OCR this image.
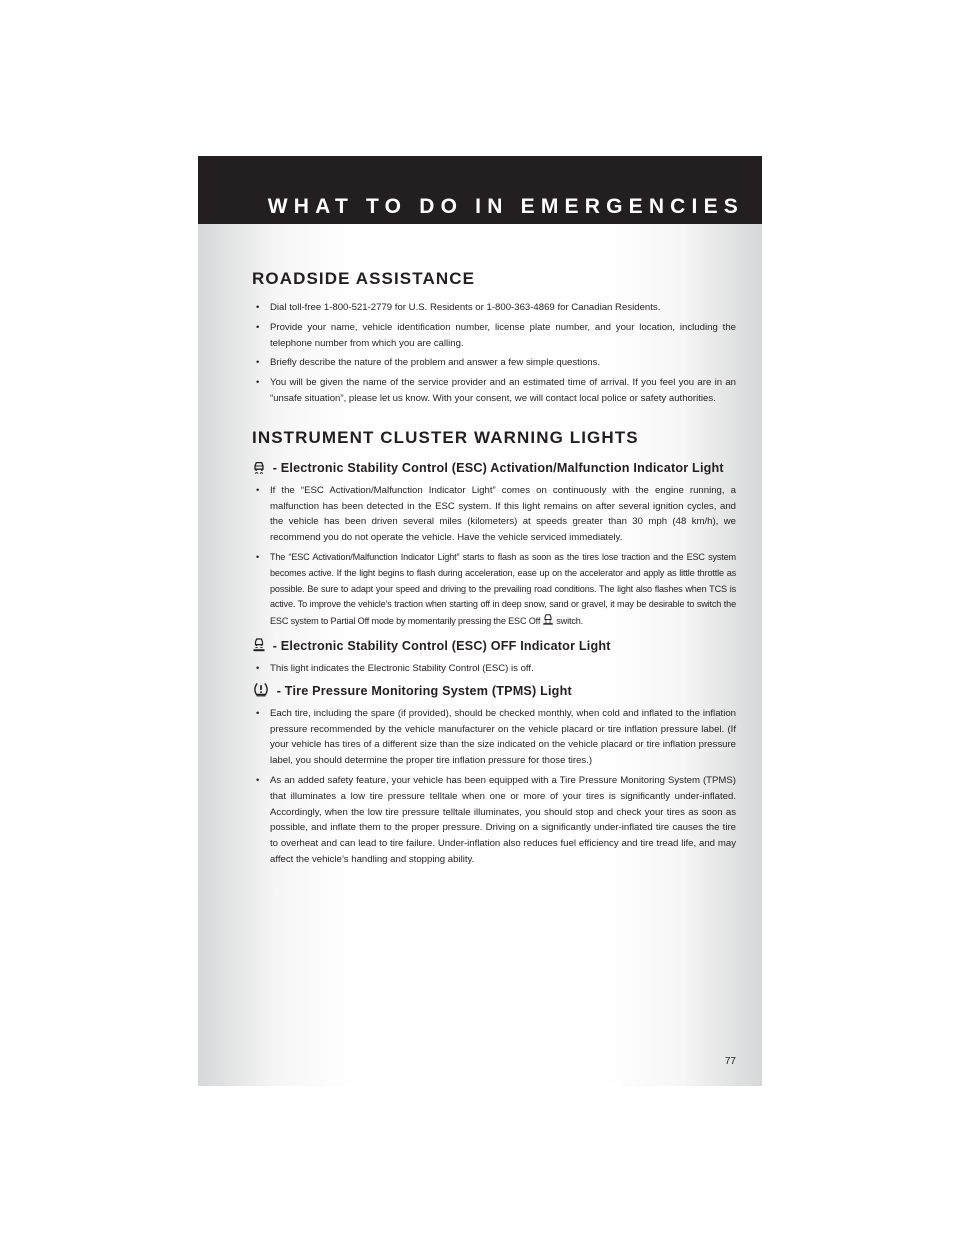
WHAT TO DO IN EMERGENCIES
ROADSIDE ASSISTANCE
• Dial toll-free 1-800-521-2779 for U.S. Residents or 1-800-363-4869 for Canadian Residents.
• Provide your name, vehicle identification number, license plate number, and your location, including the telephone number from which you are calling.
• Briefly describe the nature of the problem and answer a few simple questions.
• You will be given the name of the service provider and an estimated time of arrival. If you feel you are in an “unsafe situation”, please let us know. With your consent, we will contact local police or safety authorities.
INSTRUMENT CLUSTER WARNING LIGHTS
- Electronic Stability Control (ESC) Activation/Malfunction Indicator Light
• If the “ESC Activation/Malfunction Indicator Light” comes on continuously with the engine running, a malfunction has been detected in the ESC system. If this light remains on after several ignition cycles, and the vehicle has been driven several miles (kilometers) at speeds greater than 30 mph (48 km/h), we recommend you do not operate the vehicle. Have the vehicle serviced immediately.
• The “ESC Activation/Malfunction Indicator Light” starts to flash as soon as the tires lose traction and the ESC system becomes active. If the light begins to flash during acceleration, ease up on the accelerator and apply as little throttle as possible. Be sure to adapt your speed and driving to the prevailing road conditions. The light also flashes when TCS is active. To improve the vehicle’s traction when starting off in deep snow, sand or gravel, it may be desirable to switch the ESC system to Partial Off mode by momentarily pressing the ESC Off switch.
- Electronic Stability Control (ESC) OFF Indicator Light
• This light indicates the Electronic Stability Control (ESC) is off.
- Tire Pressure Monitoring System (TPMS) Light
• Each tire, including the spare (if provided), should be checked monthly, when cold and inflated to the inflation pressure recommended by the vehicle manufacturer on the vehicle placard or tire inflation pressure label. (If your vehicle has tires of a different size than the size indicated on the vehicle placard or tire inflation pressure label, you should determine the proper tire inflation pressure for those tires.)
• As an added safety feature, your vehicle has been equipped with a Tire Pressure Monitoring System (TPMS) that illuminates a low tire pressure telltale when one or more of your tires is significantly under-inflated. Accordingly, when the low tire pressure telltale illuminates, you should stop and check your tires as soon as possible, and inflate them to the proper pressure. Driving on a significantly under-inflated tire causes the tire to overheat and can lead to tire failure. Under-inflation also reduces fuel efficiency and tire tread life, and may affect the vehicle’s handling and stopping ability.
77
